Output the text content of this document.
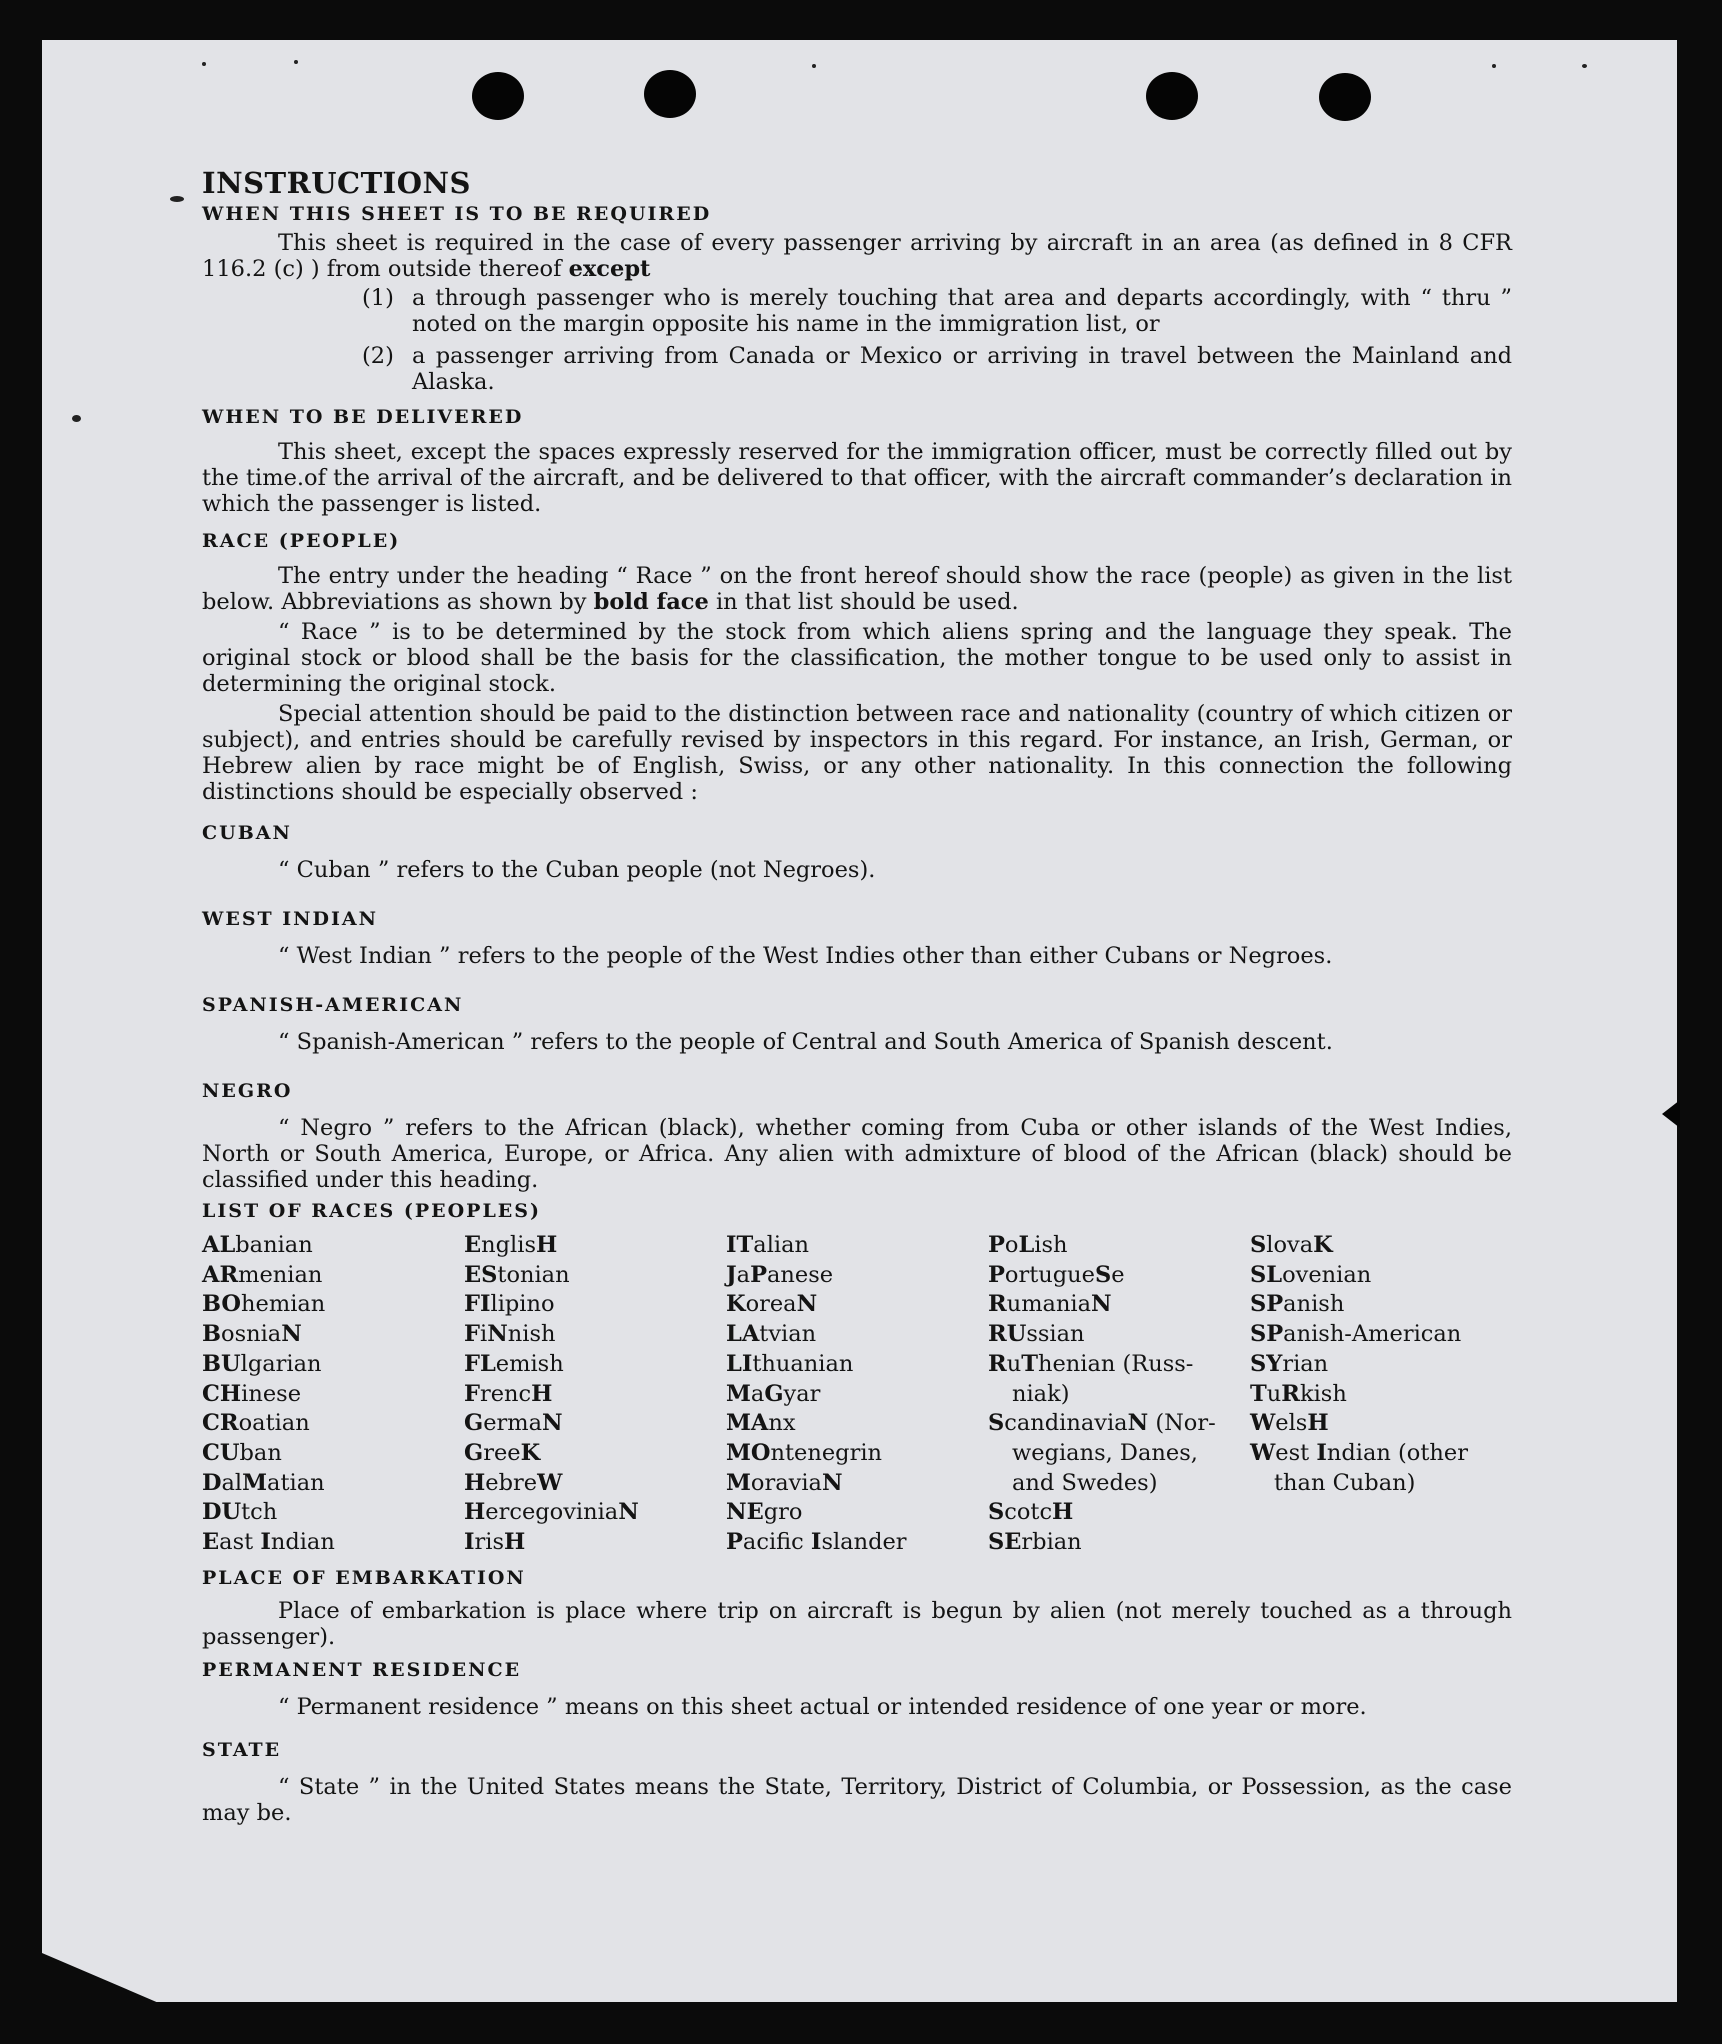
INSTRUCTIONS

WHEN THIS SHEET IS TO BE REQUIRED

This sheet is required in the case of every passenger arriving by aircraft in an area (as defined in 8 CFR 116.2 (c) ) from outside thereof except

(1) a through passenger who is merely touching that area and departs accordingly, with “ thru ” noted on the margin opposite his name in the immigration list, or
(2) a passenger arriving from Canada or Mexico or arriving in travel between the Mainland and Alaska.

WHEN TO BE DELIVERED

This sheet, except the spaces expressly reserved for the immigration officer, must be correctly filled out by the time.of the arrival of the aircraft, and be delivered to that officer, with the aircraft commander’s declaration in which the passenger is listed.

RACE (PEOPLE)

The entry under the heading “ Race ” on the front hereof should show the race (people) as given in the list below. Abbreviations as shown by bold face in that list should be used.

“ Race ” is to be determined by the stock from which aliens spring and the language they speak. The original stock or blood shall be the basis for the classification, the mother tongue to be used only to assist in determining the original stock.

Special attention should be paid to the distinction between race and nationality (country of which citizen or subject), and entries should be carefully revised by inspectors in this regard. For instance, an Irish, German, or Hebrew alien by race might be of English, Swiss, or any other nationality. In this connection the following distinctions should be especially observed :

CUBAN

“ Cuban ” refers to the Cuban people (not Negroes).

WEST INDIAN

“ West Indian ” refers to the people of the West Indies other than either Cubans or Negroes.

SPANISH-AMERICAN

“ Spanish-American ” refers to the people of Central and South America of Spanish descent.

NEGRO

“ Negro ” refers to the African (black), whether coming from Cuba or other islands of the West Indies, North or South America, Europe, or Africa. Any alien with admixture of blood of the African (black) should be classified under this heading.

LIST OF RACES (PEOPLES)

ALbanian
ARmenian
BOhemian
BosniaN
BUlgarian
CHinese
CRoatian
CUban
DalMatian
DUtch
East Indian
EnglisH
EStonian
FIlipino
FiNnish
FLemish
FrencH
GermaN
GreeK
HebreW
HercegoviniaN
IrisH
ITalian
JaPanese
KoreaN
LAtvian
LIthuanian
MaGyar
MAnx
MOntenegrin
MoraviaN
NEgro
Pacific Islander
PoLish
PortugueSe
RumaniaN
RUssian
RuThenian (Russ-
niak)
ScandinaviaN (Nor-
wegians, Danes,
and Swedes)
ScotcH
SErbian
SlovaK
SLovenian
SPanish
SPanish-American
SYrian
TuRkish
WelsH
West Indian (other
than Cuban)

PLACE OF EMBARKATION

Place of embarkation is place where trip on aircraft is begun by alien (not merely touched as a through passenger).

PERMANENT RESIDENCE

“ Permanent residence ” means on this sheet actual or intended residence of one year or more.

STATE

“ State ” in the United States means the State, Territory, District of Columbia, or Possession, as the case may be.
